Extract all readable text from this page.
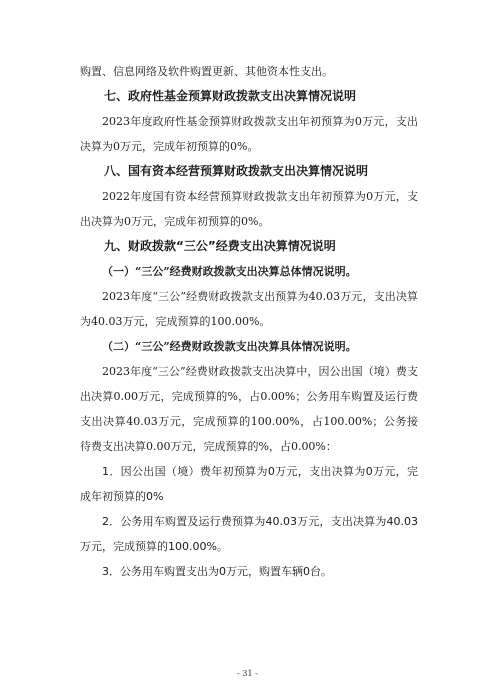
购置、信息网络及软件购置更新、其他资本性支出。

七、政府性基金预算财政拨款支出决算情况说明

2023年度政府性基金预算财政拨款支出年初预算为0万元，支出决算为0万元，完成年初预算的0%。

八、国有资本经营预算财政拨款支出决算情况说明

2022年度国有资本经营预算财政拨款支出年初预算为0万元，支出决算为0万元，完成年初预算的0%。

九、财政拨款“三公”经费支出决算情况说明

（一）“三公”经费财政拨款支出决算总体情况说明。

2023年度“三公”经费财政拨款支出预算为40.03万元，支出决算为40.03万元，完成预算的100.00%。

（二）“三公”经费财政拨款支出决算具体情况说明。

2023年度“三公”经费财政拨款支出决算中，因公出国（境）费支出决算0.00万元，完成预算的%，占0.00%；公务用车购置及运行费支出决算40.03万元，完成预算的100.00%，占100.00%；公务接待费支出决算0.00万元，完成预算的%，占0.00%：

1．因公出国（境）费年初预算为0万元，支出决算为0万元，完成年初预算的0%

2．公务用车购置及运行费预算为40.03万元，支出决算为40.03万元，完成预算的100.00%。

3．公务用车购置支出为0万元，购置车辆0台。

- 31 -
